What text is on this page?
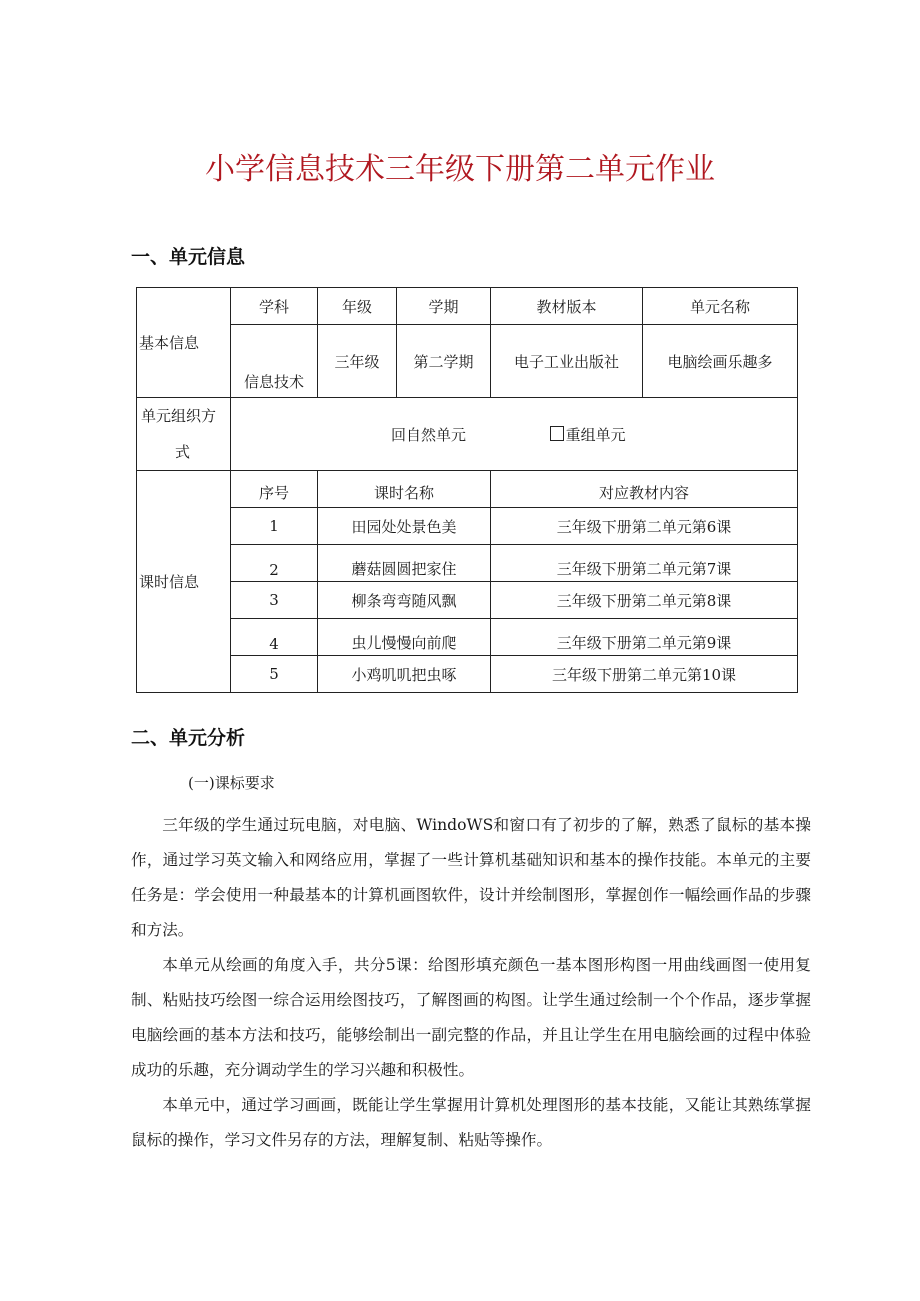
小学信息技术三年级下册第二单元作业
一、单元信息
基本信息	学科	年级	学期	教材版本	单元名称
	信息技术	三年级	第二学期	电子工业出版社	电脑绘画乐趣多

单元组织方
式	回自然单元 重组单元				
课时信息	序号	课时名称		对应教材内容	
	1	田园处处景色美		三年级下册第二单元第6课	
	2	蘑菇圆圆把家住		三年级下册第二单元第7课	
	3	柳条弯弯随风飘		三年级下册第二单元第8课	
	4	虫儿慢慢向前爬		三年级下册第二单元第9课	
	5	小鸡叽叽把虫啄		三年级下册第二单元第10课	
二、单元分析
(一)课标要求

三年级的学生通过玩电脑，对电脑、WindoWS和窗口有了初步的了解，熟悉了鼠标的基本操作，通过学习英文输入和网络应用，掌握了一些计算机基础知识和基本的操作技能。本单元的主要任务是：学会使用一种最基本的计算机画图软件，设计并绘制图形，掌握创作一幅绘画作品的步骤和方法。

本单元从绘画的角度入手，共分5课：给图形填充颜色一基本图形构图一用曲线画图一使用复制、粘贴技巧绘图一综合运用绘图技巧，了解图画的构图。让学生通过绘制一个个作品，逐步掌握电脑绘画的基本方法和技巧，能够绘制出一副完整的作品，并且让学生在用电脑绘画的过程中体验成功的乐趣，充分调动学生的学习兴趣和积极性。

本单元中，通过学习画画，既能让学生掌握用计算机处理图形的基本技能，又能让其熟练掌握鼠标的操作，学习文件另存的方法，理解复制、粘贴等操作。
